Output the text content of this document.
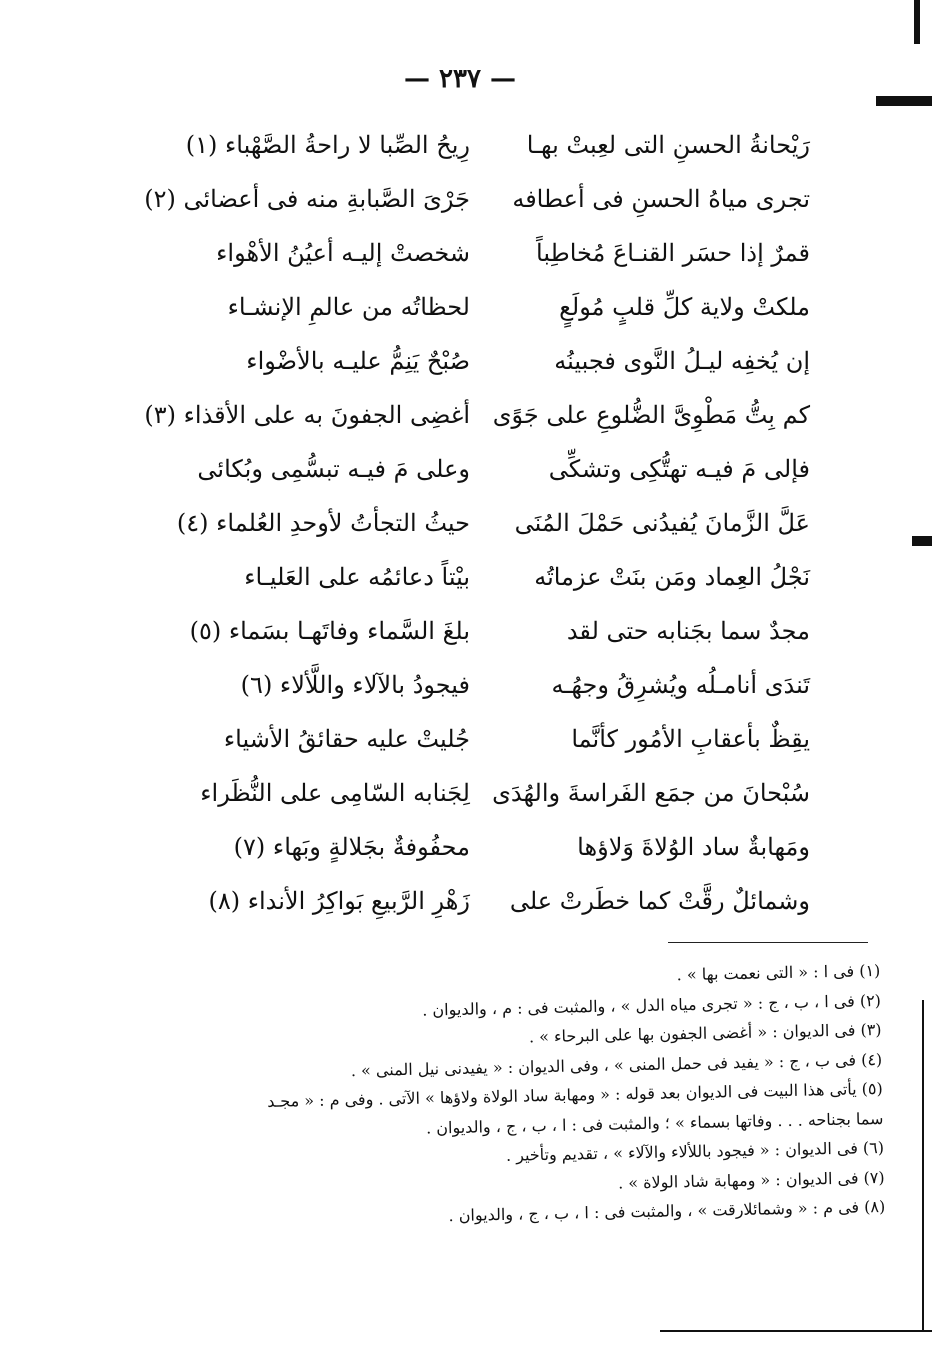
— ٢٣٧ —
رَيْحانةُ الحسنِ التى لعِبتْ بهـا
رِيحُ الصِّبا لا راحةُ الصَّهْباء (١)
تجرى مياهُ الحسنِ فى أعطافه
جَرْىَ الصَّبابةِ منه فى أعضائى (٢)
قمرٌ إذا حسَر القنـاعَ مُخاطِباً
شخصتْ إليـه أعيُنُ الأهْواء
ملكتْ ولاية كلِّ قلبٍ مُولَعٍ
لحظاتُه من عالمِ الإنشـاء
إن يُخفِه ليـلُ النَّوى فجبينُه
صُبْحٌ يَنِمُّ عليـه بالأضْواء
كم بِتُّ مَطْوِىَّ الضُّلوعِ على جَوًى
أغضِى الجفونَ به على الأقذاء (٣)
فإلى مَ فيـه تهتُّكِى وتشكِّى
وعلى مَ فيـه تبسُّمِى وبُكائى
عَلَّ الزَّمانَ يُفيدُنى حَمْلَ المُنَى
حيثُ التجأتُ لأوحدِ العُلماء (٤)
نَجْلُ العِماد ومَن بنَتْ عزماتُه
بيْتاً دعائمُه على العَليـاء
مجدٌ سما بجَنابه حتى لقد
بلغَ السَّماء وفاتَهـا بسَماء (٥)
تَندَى أنامـلُه ويُشرِقُ وجهُـه
فيجودُ بالآلاء واللَّألاء (٦)
يقِظٌ بأعقابِ الأمُور كأنَّما
جُليتْ عليه حقائقُ الأشياء
سُبْحانَ من جمَع الفَراسةَ والهُدَى
لِجَنابه السّامِى على النُّظَراء
ومَهابةٌ ساد الوُلاةَ وَلاؤها
محفُوفةٌ بجَلالةٍ وبَهاء (٧)
وشمائلٌ رقَّتْ كما خطَرتْ على
زَهْرِ الرَّبيعِ بَواكِرُ الأنداء (٨)
(١) فى ا : « التى نعمت بها » .
(٢) فى ا ، ب ، ج : « تجرى مياه الدل » ، والمثبت فى : م ، والديوان .
(٣) فى الديوان : « أغضى الجفون بها على البرحاء » .
(٤) فى ب ، ج : « يفيد فى حمل المنى » ، وفى الديوان : « يفيدنى نيل المنى » .
(٥) يأتى هذا البيت فى الديوان بعد قوله : « ومهابة ساد الولاة ولاؤها » الآتى . وفى م : « مجـد
سما بجناحه . . . وفاتها بسماء » ؛ والمثبت فى : ا ، ب ، ج ، والديوان .
(٦) فى الديوان : « فيجود باللألاء والآلاء » ، تقديم وتأخير .
(٧) فى الديوان : « ومهابة شاد الولاة » .
(٨) فى م : « وشمائلارقت » ، والمثبت فى : ا ، ب ، ج ، والديوان .
